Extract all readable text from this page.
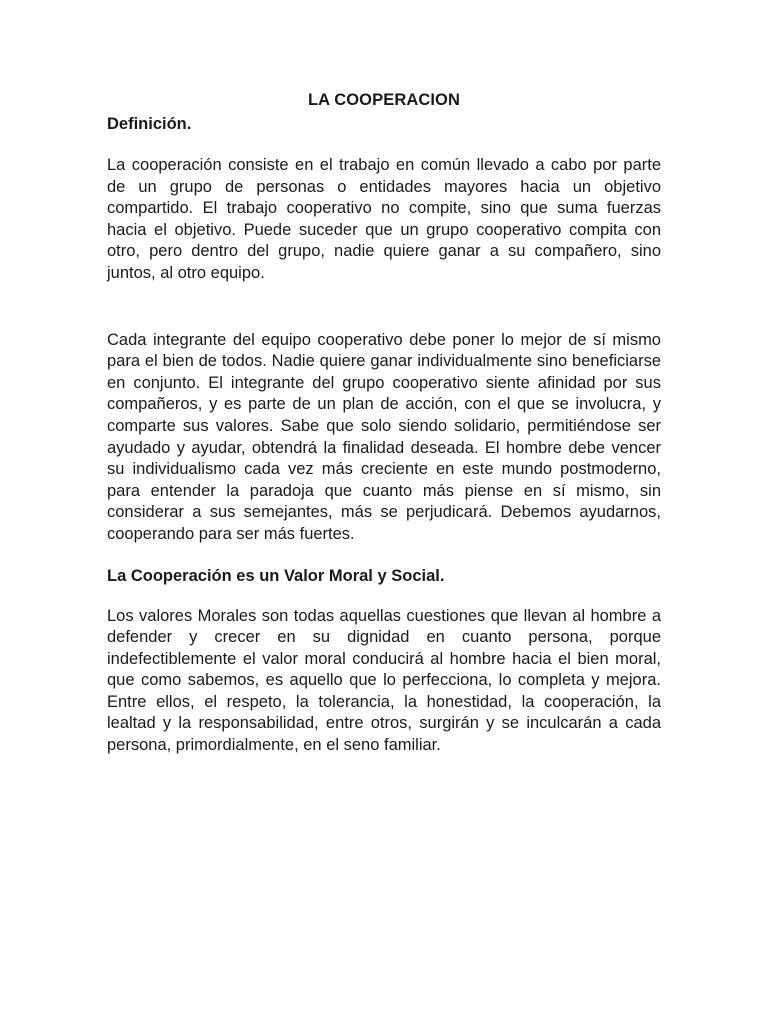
LA COOPERACION
Definición.

La cooperación consiste en el trabajo en común llevado a cabo por parte de un grupo de personas o entidades mayores hacia un objetivo compartido. El trabajo cooperativo no compite, sino que suma fuerzas hacia el objetivo. Puede suceder que un grupo cooperativo compita con otro, pero dentro del grupo, nadie quiere ganar a su compañero, sino juntos, al otro equipo.

Cada integrante del equipo cooperativo debe poner lo mejor de sí mismo para el bien de todos. Nadie quiere ganar individualmente sino beneficiarse en conjunto. El integrante del grupo cooperativo siente afinidad por sus compañeros, y es parte de un plan de acción, con el que se involucra, y comparte sus valores. Sabe que solo siendo solidario, permitiéndose ser ayudado y ayudar, obtendrá la finalidad deseada. El hombre debe vencer su individualismo cada vez más creciente en este mundo postmoderno, para entender la paradoja que cuanto más piense en sí mismo, sin considerar a sus semejantes, más se perjudicará. Debemos ayudarnos, cooperando para ser más fuertes.

La Cooperación es un Valor Moral y Social.

Los valores Morales son todas aquellas cuestiones que llevan al hombre a defender y crecer en su dignidad en cuanto persona, porque indefectiblemente el valor moral conducirá al hombre hacia el bien moral, que como sabemos, es aquello que lo perfecciona, lo completa y mejora. Entre ellos, el respeto, la tolerancia, la honestidad, la cooperación, la lealtad y la responsabilidad, entre otros, surgirán y se inculcarán a cada persona, primordialmente, en el seno familiar.
